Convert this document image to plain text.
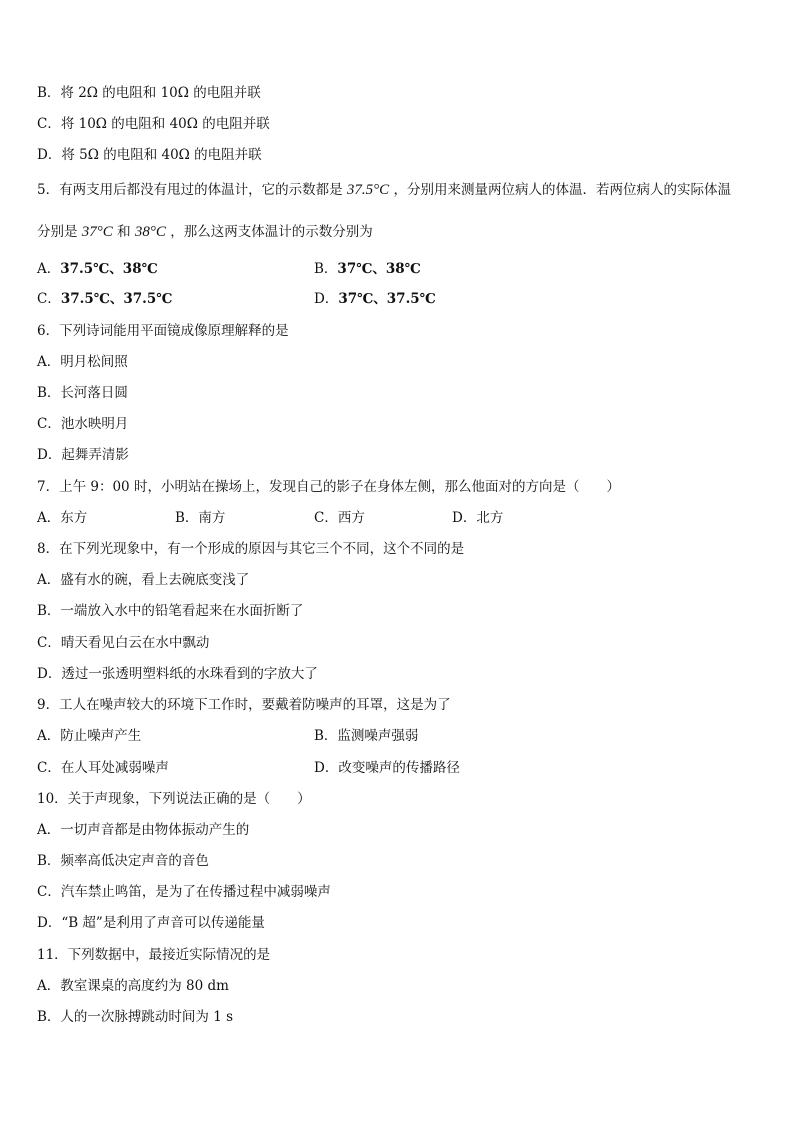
B．将 2Ω 的电阻和 10Ω 的电阻并联
C．将 10Ω 的电阻和 40Ω 的电阻并联
D．将 5Ω 的电阻和 40Ω 的电阻并联
5．有两支用后都没有甩过的体温计，它的示数都是 37.5°C ，分别用来测量两位病人的体温．若两位病人的实际体温
分别是 37°C 和 38°C ，那么这两支体温计的示数分别为
A．37.5℃、38℃	B．37℃、38℃
C．37.5℃、37.5℃	D．37℃、37.5℃
6．下列诗词能用平面镜成像原理解释的是
A．明月松间照
B．长河落日圆
C．池水映明月
D．起舞弄清影
7．上午 9：00 时，小明站在操场上，发现自己的影子在身体左侧，那么他面对的方向是（　　）
A．东方	B．南方	C．西方	D．北方
8．在下列光现象中，有一个形成的原因与其它三个不同，这个不同的是
A．盛有水的碗，看上去碗底变浅了
B．一端放入水中的铅笔看起来在水面折断了
C．晴天看见白云在水中飘动
D．透过一张透明塑料纸的水珠看到的字放大了
9．工人在噪声较大的环境下工作时，要戴着防噪声的耳罩，这是为了
A．防止噪声产生	B．监测噪声强弱
C．在人耳处减弱噪声	D．改变噪声的传播路径
10．关于声现象，下列说法正确的是（　　）
A．一切声音都是由物体振动产生的
B．频率高低决定声音的音色
C．汽车禁止鸣笛，是为了在传播过程中减弱噪声
D．“B 超”是利用了声音可以传递能量
11．下列数据中，最接近实际情况的是
A．教室课桌的高度约为 80 dm
B．人的一次脉搏跳动时间为 1 s
